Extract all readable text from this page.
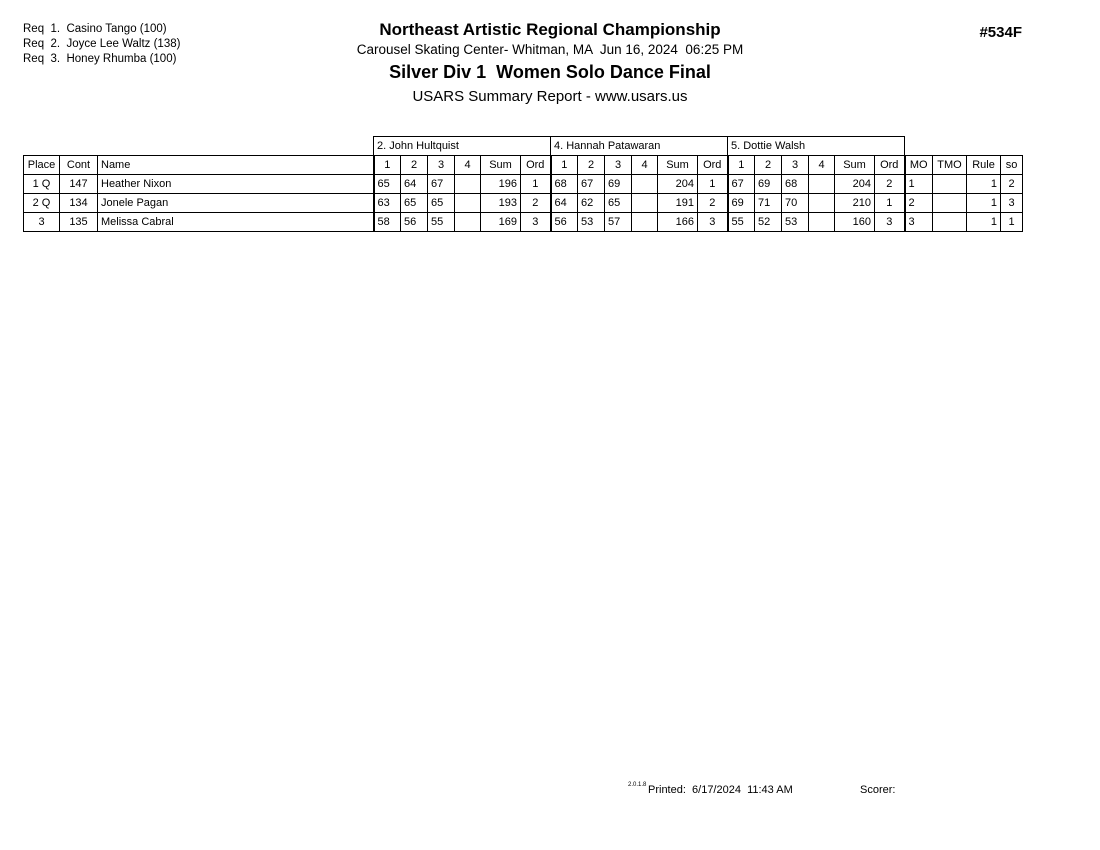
Req  1.  Casino Tango (100)
Req  2.  Joyce Lee Waltz (138)
Req  3.  Honey Rhumba (100)
Northeast Artistic Regional Championship
Carousel Skating Center- Whitman, MA  Jun 16, 2024  06:25 PM
Silver Div 1  Women Solo Dance Final
USARS Summary Report - www.usars.us
#534F
			2. John Hultquist						4. Hannah Patawaran						5. Dottie Walsh									
Place	Cont	Name	1	2	3	4	Sum	Ord	1	2	3	4	Sum	Ord	1	2	3	4	Sum	Ord	MO	TMO	Rule	so
1 Q	147	Heather Nixon	65	64	67		196	1	68	67	69		204	1	67	69	68		204	2	1		1	2
2 Q	134	Jonele Pagan	63	65	65		193	2	64	62	65		191	2	69	71	70		210	1	2		1	3
3	135	Melissa Cabral	58	56	55		169	3	56	53	57		166	3	55	52	53		160	3	3		1	1
2.0.1.8 Printed:  6/17/2024  11:43 AM	Scorer:
